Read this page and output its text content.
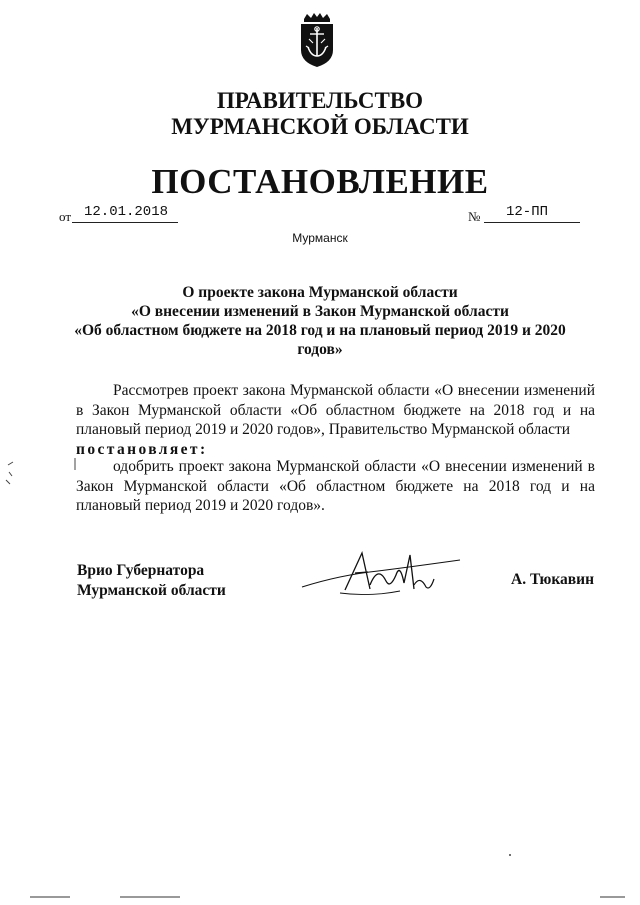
ПРАВИТЕЛЬСТВО
МУРМАНСКОЙ ОБЛАСТИ
ПОСТАНОВЛЕНИЕ
от 12.01.2018	№	12-ПП
Мурманск
О проекте закона Мурманской области
«О внесении изменений в Закон Мурманской области
«Об областном бюджете на 2018 год и на плановый период 2019 и 2020
годов»
Рассмотрев проект закона Мурманской области «О внесении изменений в Закон Мурманской области «Об областном бюджете на 2018 год и на плановый период 2019 и 2020 годов», Правительство Мурманской области
постановляет:
одобрить проект закона Мурманской области «О внесении изменений в Закон Мурманской области «Об областном бюджете на 2018 год и на плановый период 2019 и 2020 годов».
Врио Губернатора
Мурманской области
А. Тюкавин
